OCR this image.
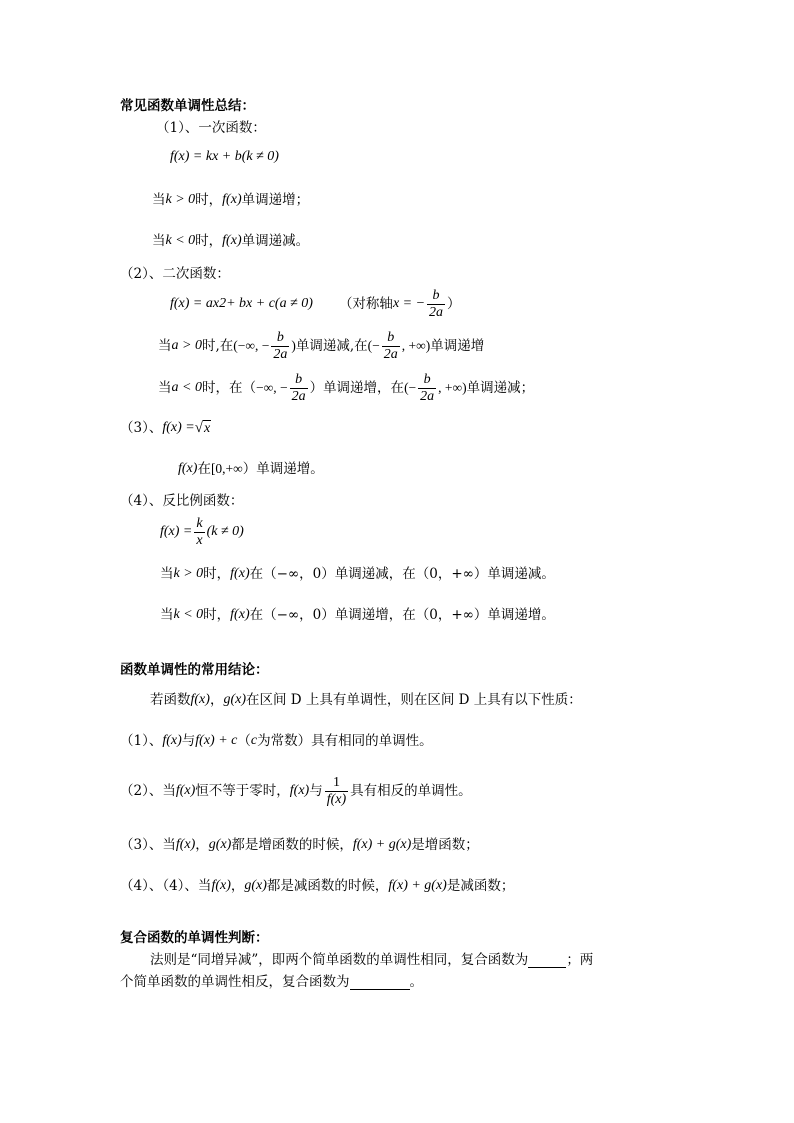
常见函数单调性总结：
（1）、一次函数：
f(x) = kx + b(k ≠ 0)
当 k > 0 时， f(x) 单调递增；
当 k < 0 时， f(x) 单调递减。
（2）、二次函数：
f(x) = ax 2 + bx + c(a ≠ 0) （对称轴 x = − $\frac{b}{2a}$ ）
当 a > 0 时,在 (−∞, − $\frac{b}{2a}$ ) 单调递减,在 (− $\frac{b}{2a}$ , +∞) 单调递增
当 a < 0 时，在（ −∞, − $\frac{b}{2a}$ ） 单调递增，在 (− $\frac{b}{2a}$ , +∞) 单调递减；
（3）、 f(x) = √ x
f(x) 在 [0,+∞ ）单调递增。
（4）、反比例函数：
$f(x) = \frac{k}{x} (k \ne 0)$
当 k > 0 时， f(x) 在（−∞，0）单调递减，在（0，+∞）单调递减。
当 k < 0 时， f(x) 在（−∞，0）单调递增，在（0，+∞）单调递增。
函数单调性的常用结论：
若函数 f(x) ， g(x) 在区间 D 上具有单调性，则在区间 D 上具有以下性质：
（1）、 f(x) 与 f(x) + c （ c 为常数）具有相同的单调性。
（2）、当 f(x) 恒不等于零时， f(x) 与 $\frac{1}{f(x)}$ 具有相反的单调性。
（3）、当 f(x) ， g(x) 都是增函数的时候， f(x) + g(x) 是增函数；
（4）、（4）、当 f(x) ， g(x) 都是减函数的时候， f(x) + g(x) 是减函数；
复合函数的单调性判断：
法则是“同增异减”，即两个简单函数的单调性相同，复合函数为	；两
个简单函数的单调性相反，复合函数为	。
